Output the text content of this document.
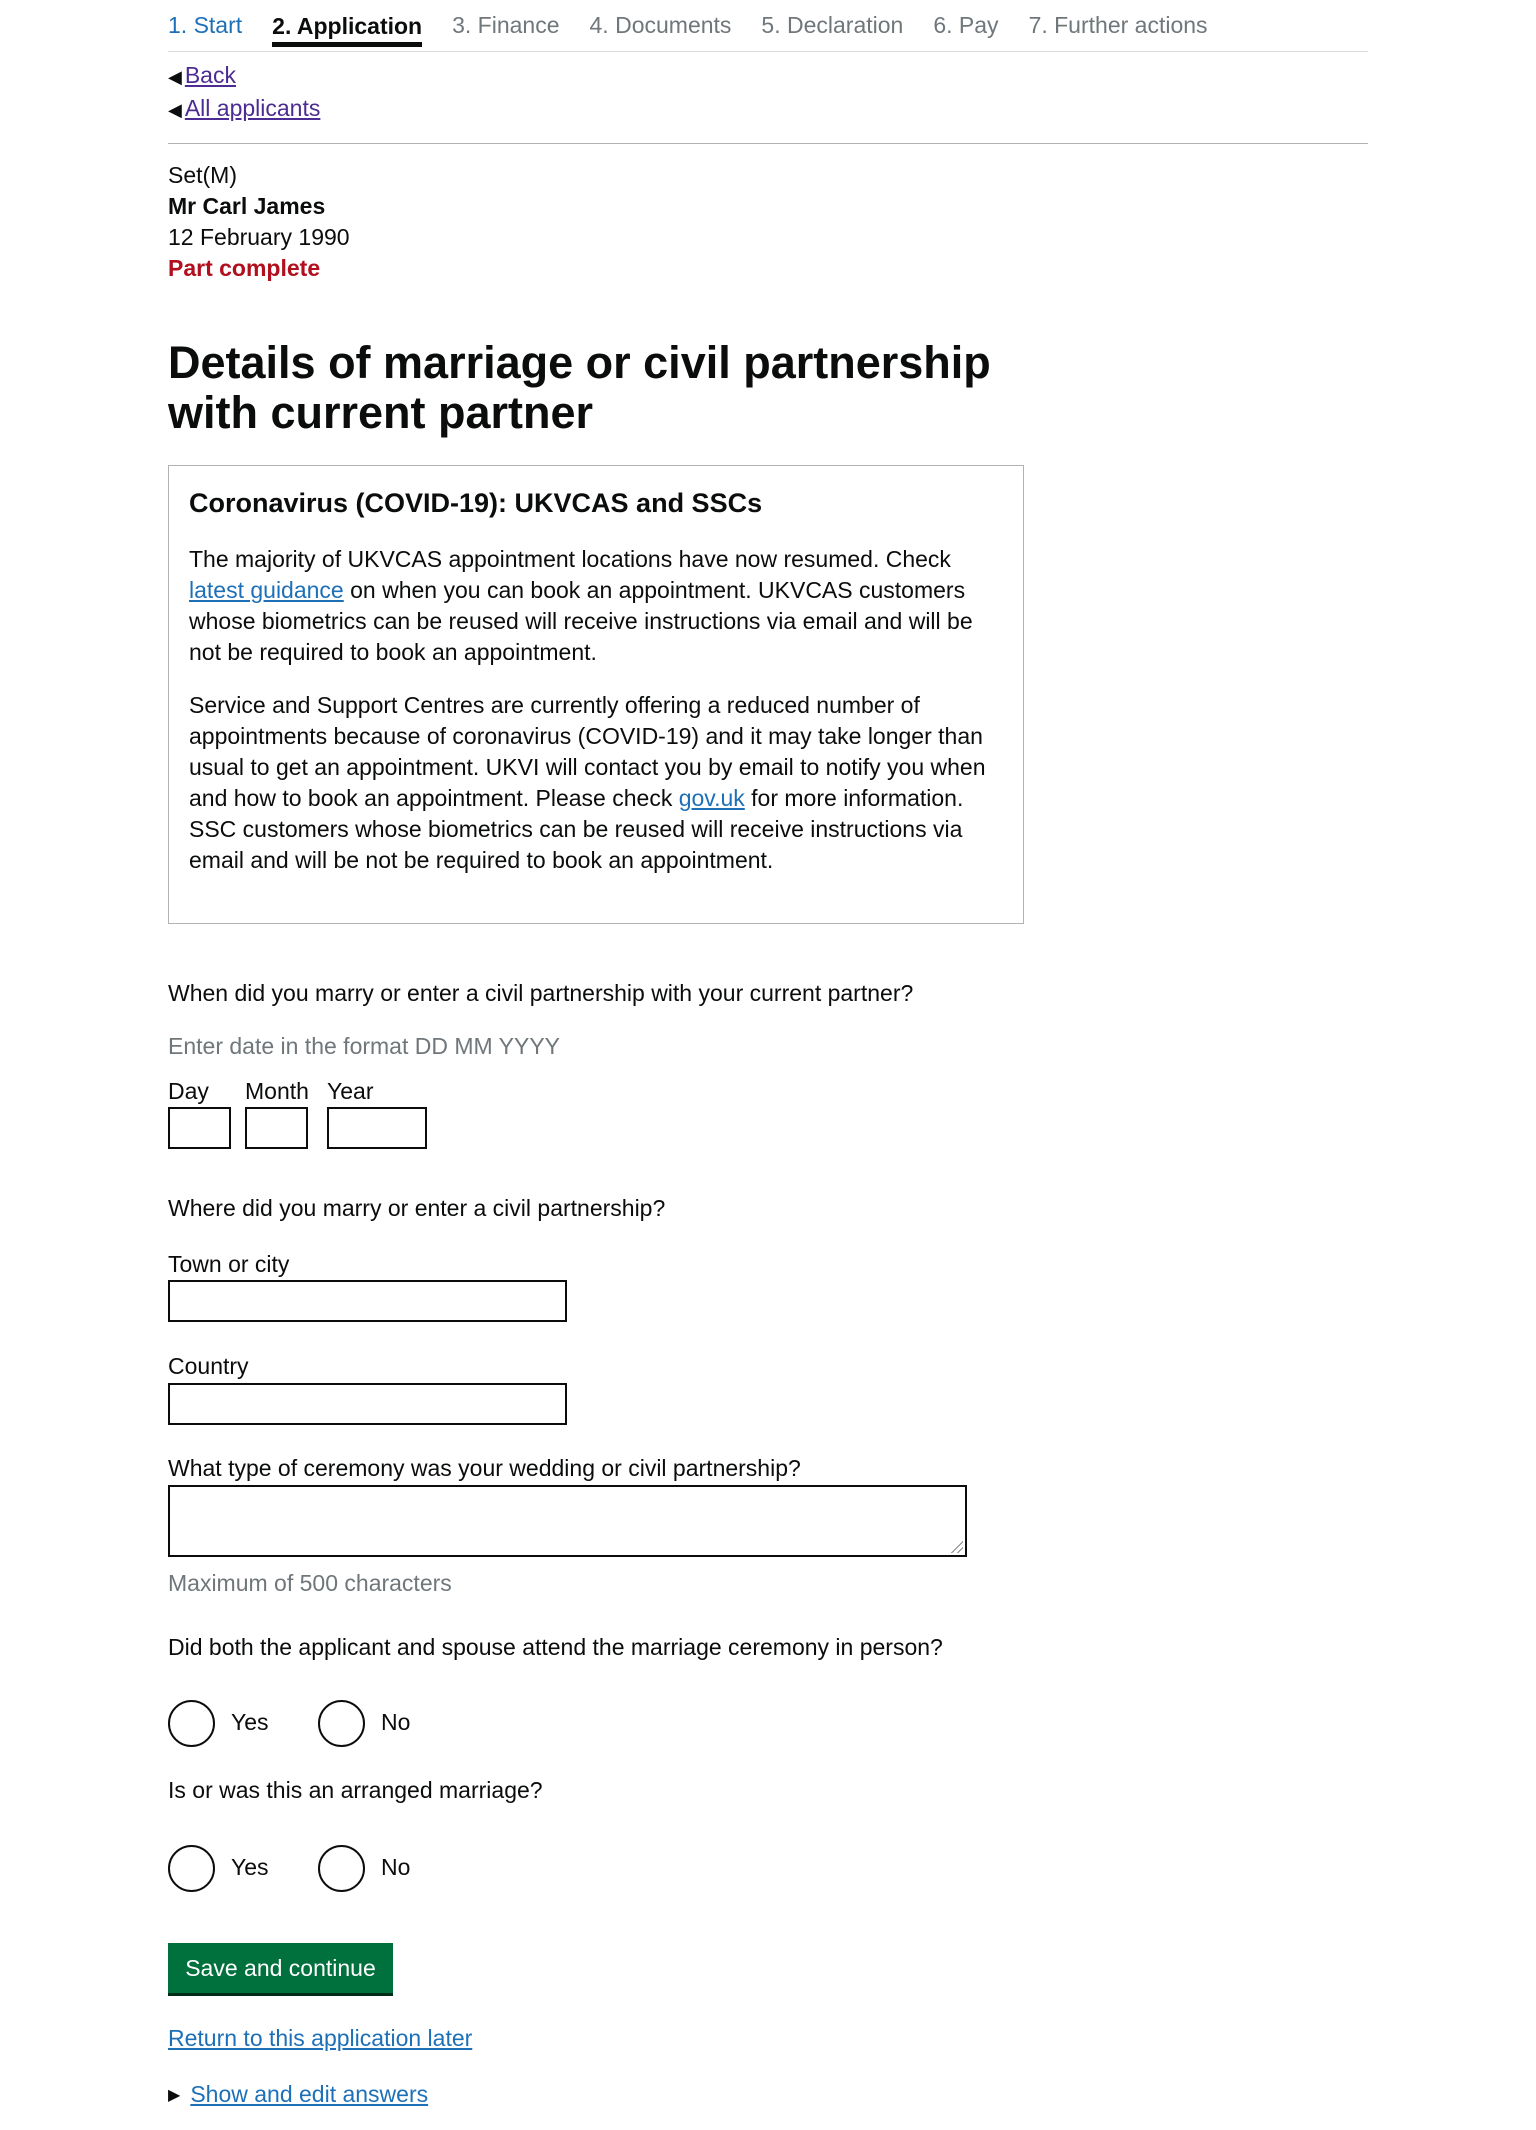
1. Start 2. Application 3. Finance 4. Documents 5. Declaration 6. Pay 7. Further actions
◀ Back
◀ All applicants
Set(M)
Mr Carl James
12 February 1990
Part complete
Details of marriage or civil partnership with current partner
Coronavirus (COVID-19): UKVCAS and SSCs

The majority of UKVCAS appointment locations have now resumed. Check latest guidance on when you can book an appointment. UKVCAS customers whose biometrics can be reused will receive instructions via email and will be not be required to book an appointment.

Service and Support Centres are currently offering a reduced number of appointments because of coronavirus (COVID-19) and it may take longer than usual to get an appointment. UKVI will contact you by email to notify you when and how to book an appointment. Please check gov.uk for more information. SSC customers whose biometrics can be reused will receive instructions via email and will be not be required to book an appointment.

When did you marry or enter a civil partnership with your current partner?
Enter date in the format DD MM YYYY
Day Month Year
Where did you marry or enter a civil partnership?
Town or city
Country
What type of ceremony was your wedding or civil partnership?
Maximum of 500 characters
Did both the applicant and spouse attend the marriage ceremony in person?
Yes	No
Is or was this an arranged marriage?
Yes	No
Save and continue
Return to this application later
▶ Show and edit answers
